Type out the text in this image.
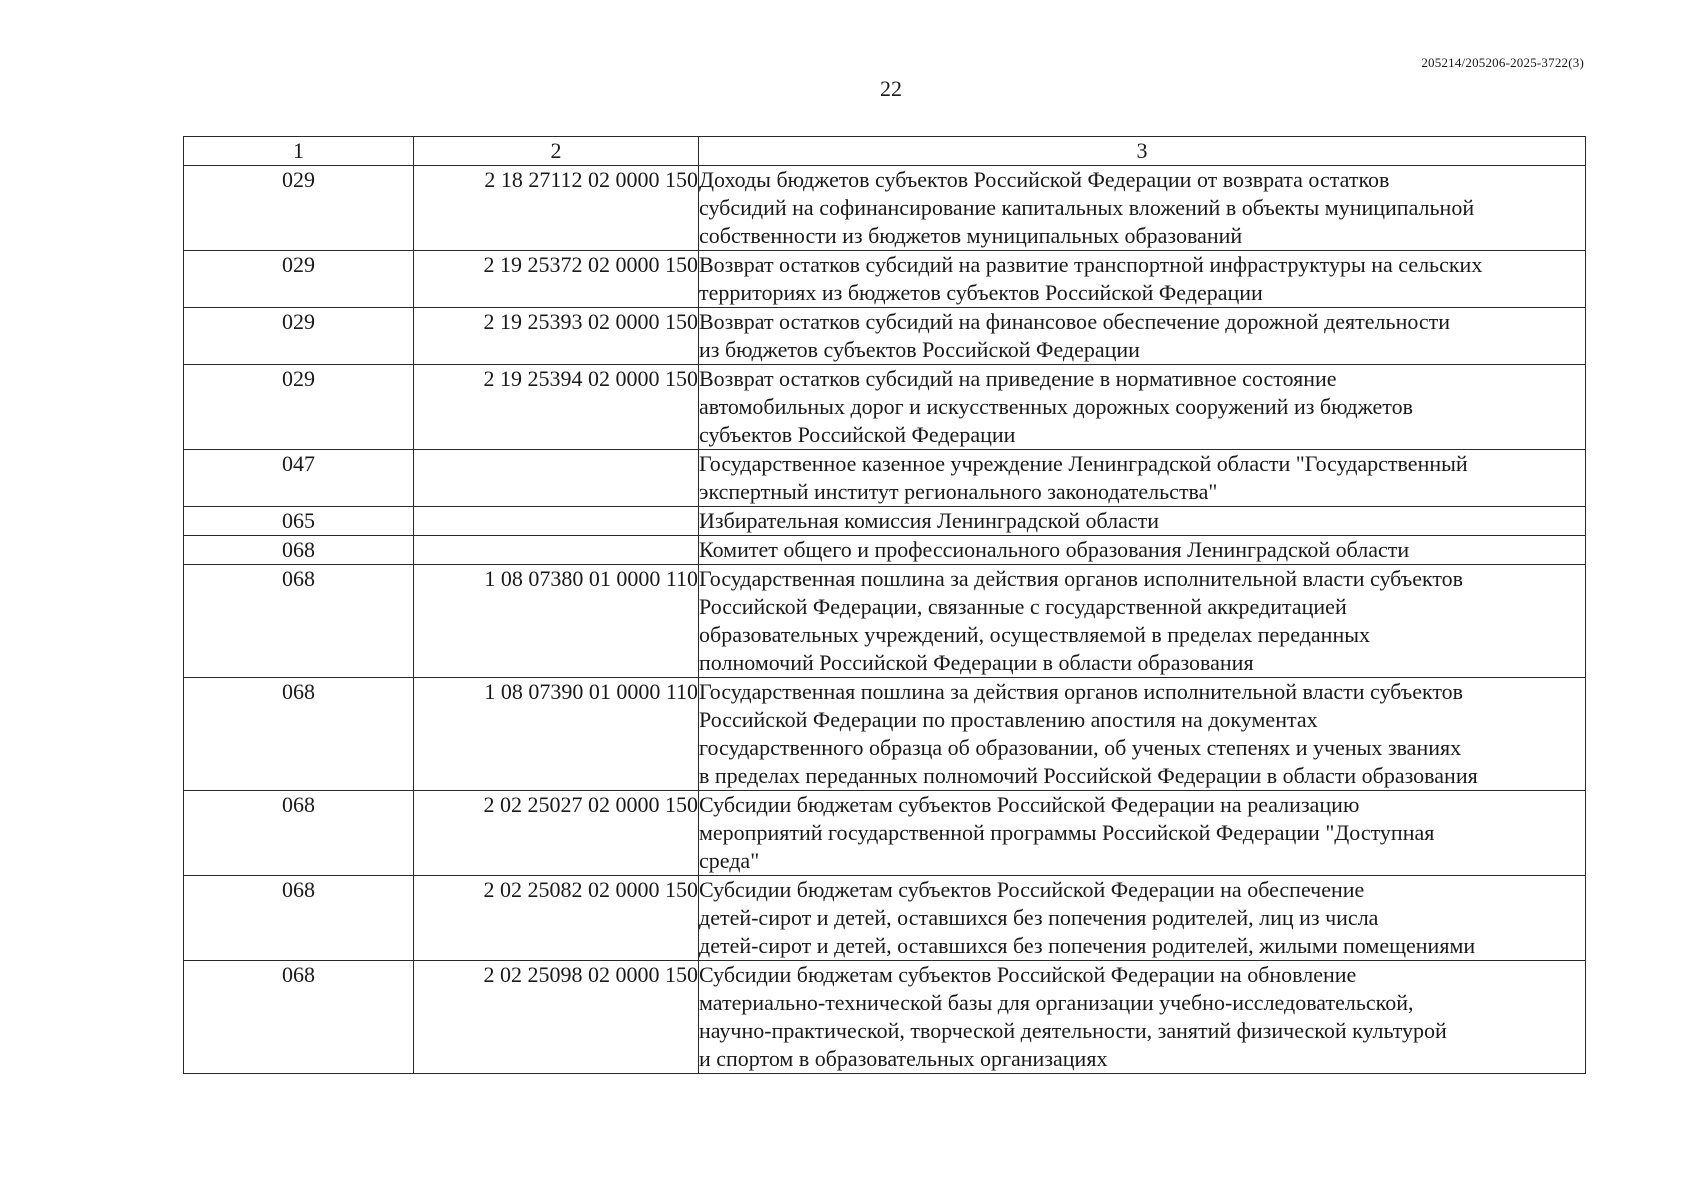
205214/205206-2025-3722(3)
22
1	2	3
029	2 18 27112 02 0000 150	Доходы бюджетов субъектов Российской Федерации от возврата остатков
субсидий на софинансирование капитальных вложений в объекты муниципальной
собственности из бюджетов муниципальных образований

029	2 19 25372 02 0000 150	Возврат остатков субсидий на развитие транспортной инфраструктуры на сельских
территориях из бюджетов субъектов Российской Федерации

029	2 19 25393 02 0000 150	Возврат остатков субсидий на финансовое обеспечение дорожной деятельности
из бюджетов субъектов Российской Федерации

029	2 19 25394 02 0000 150	Возврат остатков субсидий на приведение в нормативное состояние
автомобильных дорог и искусственных дорожных сооружений из бюджетов
субъектов Российской Федерации

047		Государственное казенное учреждение Ленинградской области "Государственный
экспертный институт регионального законодательства"

065		Избирательная комиссия Ленинградской области

068		Комитет общего и профессионального образования Ленинградской области

068	1 08 07380 01 0000 110	Государственная пошлина за действия органов исполнительной власти субъектов
Российской Федерации, связанные с государственной аккредитацией
образовательных учреждений, осуществляемой в пределах переданных
полномочий Российской Федерации в области образования

068	1 08 07390 01 0000 110	Государственная пошлина за действия органов исполнительной власти субъектов
Российской Федерации по проставлению апостиля на документах
государственного образца об образовании, об ученых степенях и ученых званиях
в пределах переданных полномочий Российской Федерации в области образования

068	2 02 25027 02 0000 150	Субсидии бюджетам субъектов Российской Федерации на реализацию
мероприятий государственной программы Российской Федерации "Доступная
среда"

068	2 02 25082 02 0000 150	Субсидии бюджетам субъектов Российской Федерации на обеспечение
детей-сирот и детей, оставшихся без попечения родителей, лиц из числа
детей-сирот и детей, оставшихся без попечения родителей, жилыми помещениями

068	2 02 25098 02 0000 150	Субсидии бюджетам субъектов Российской Федерации на обновление
материально-технической базы для организации учебно-исследовательской,
научно-практической, творческой деятельности, занятий физической культурой
и спортом в образовательных организациях
